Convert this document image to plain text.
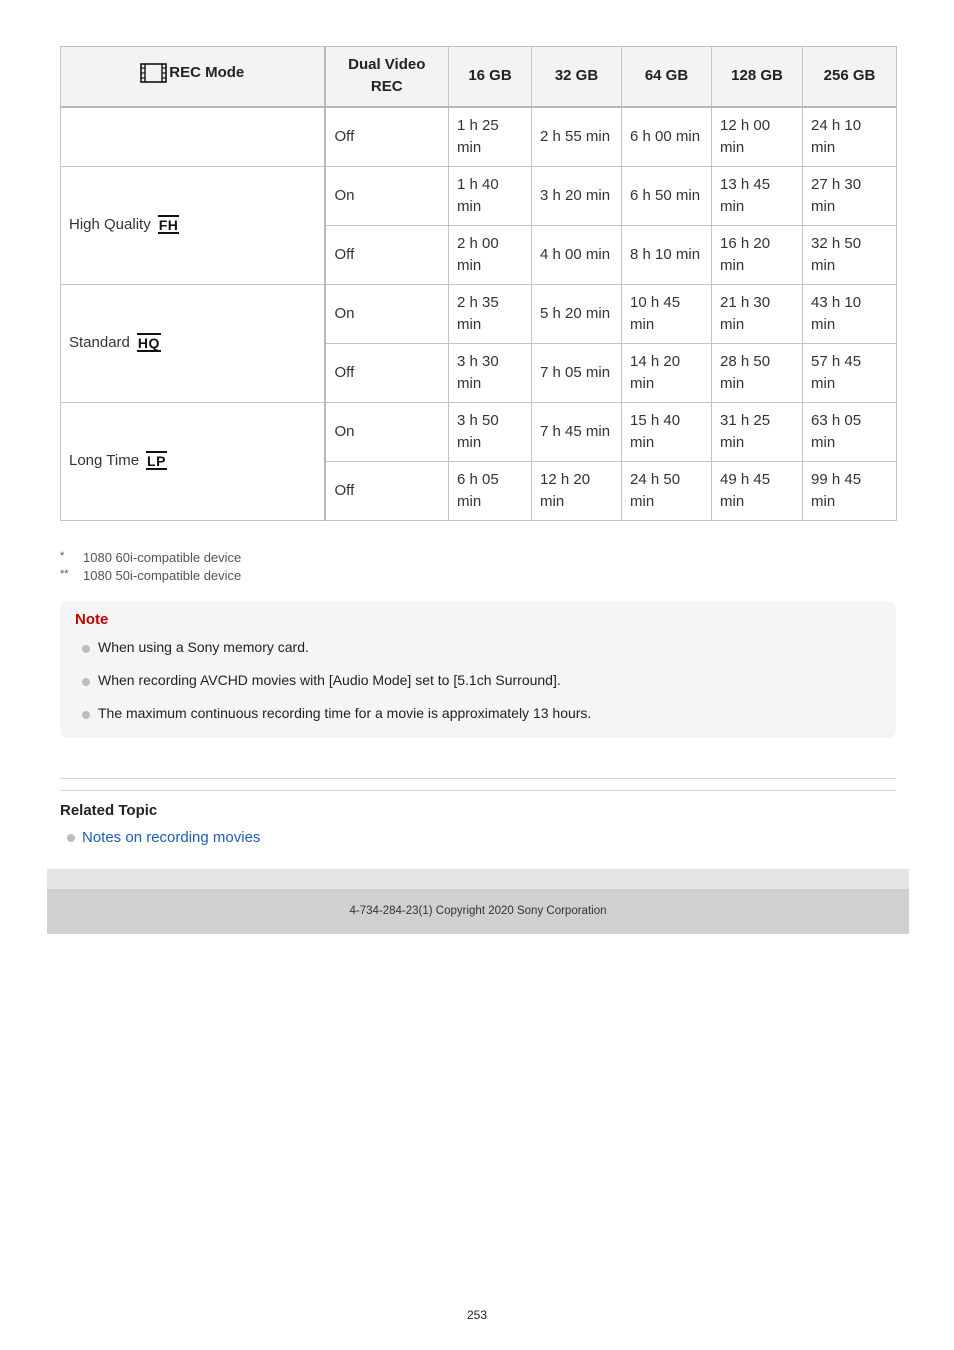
REC Mode	Dual Video REC	16 GB	32 GB	64 GB	128 GB	256 GB
	Off	1 h 25 min	2 h 55 min	6 h 00 min	12 h 00 min	24 h 10 min

High Quality FH	On	1 h 40 min	3 h 20 min	6 h 50 min	13 h 45 min	27 h 30 min
	Off	2 h 00 min	4 h 00 min	8 h 10 min	16 h 20 min	32 h 50 min

Standard HQ	On	2 h 35 min	5 h 20 min	10 h 45 min	21 h 30 min	43 h 10 min
	Off	3 h 30 min	7 h 05 min	14 h 20 min	28 h 50 min	57 h 45 min

Long Time LP	On	3 h 50 min	7 h 45 min	15 h 40 min	31 h 25 min	63 h 05 min
	Off	6 h 05 min	12 h 20 min	24 h 50 min	49 h 45 min	99 h 45 min
*	1080 60i-compatible device
**	1080 50i-compatible device
Note
When using a Sony memory card.
When recording AVCHD movies with [Audio Mode] set to [5.1ch Surround].
The maximum continuous recording time for a movie is approximately 13 hours.
Related Topic
Notes on recording movies
4-734-284-23(1) Copyright 2020 Sony Corporation
253
